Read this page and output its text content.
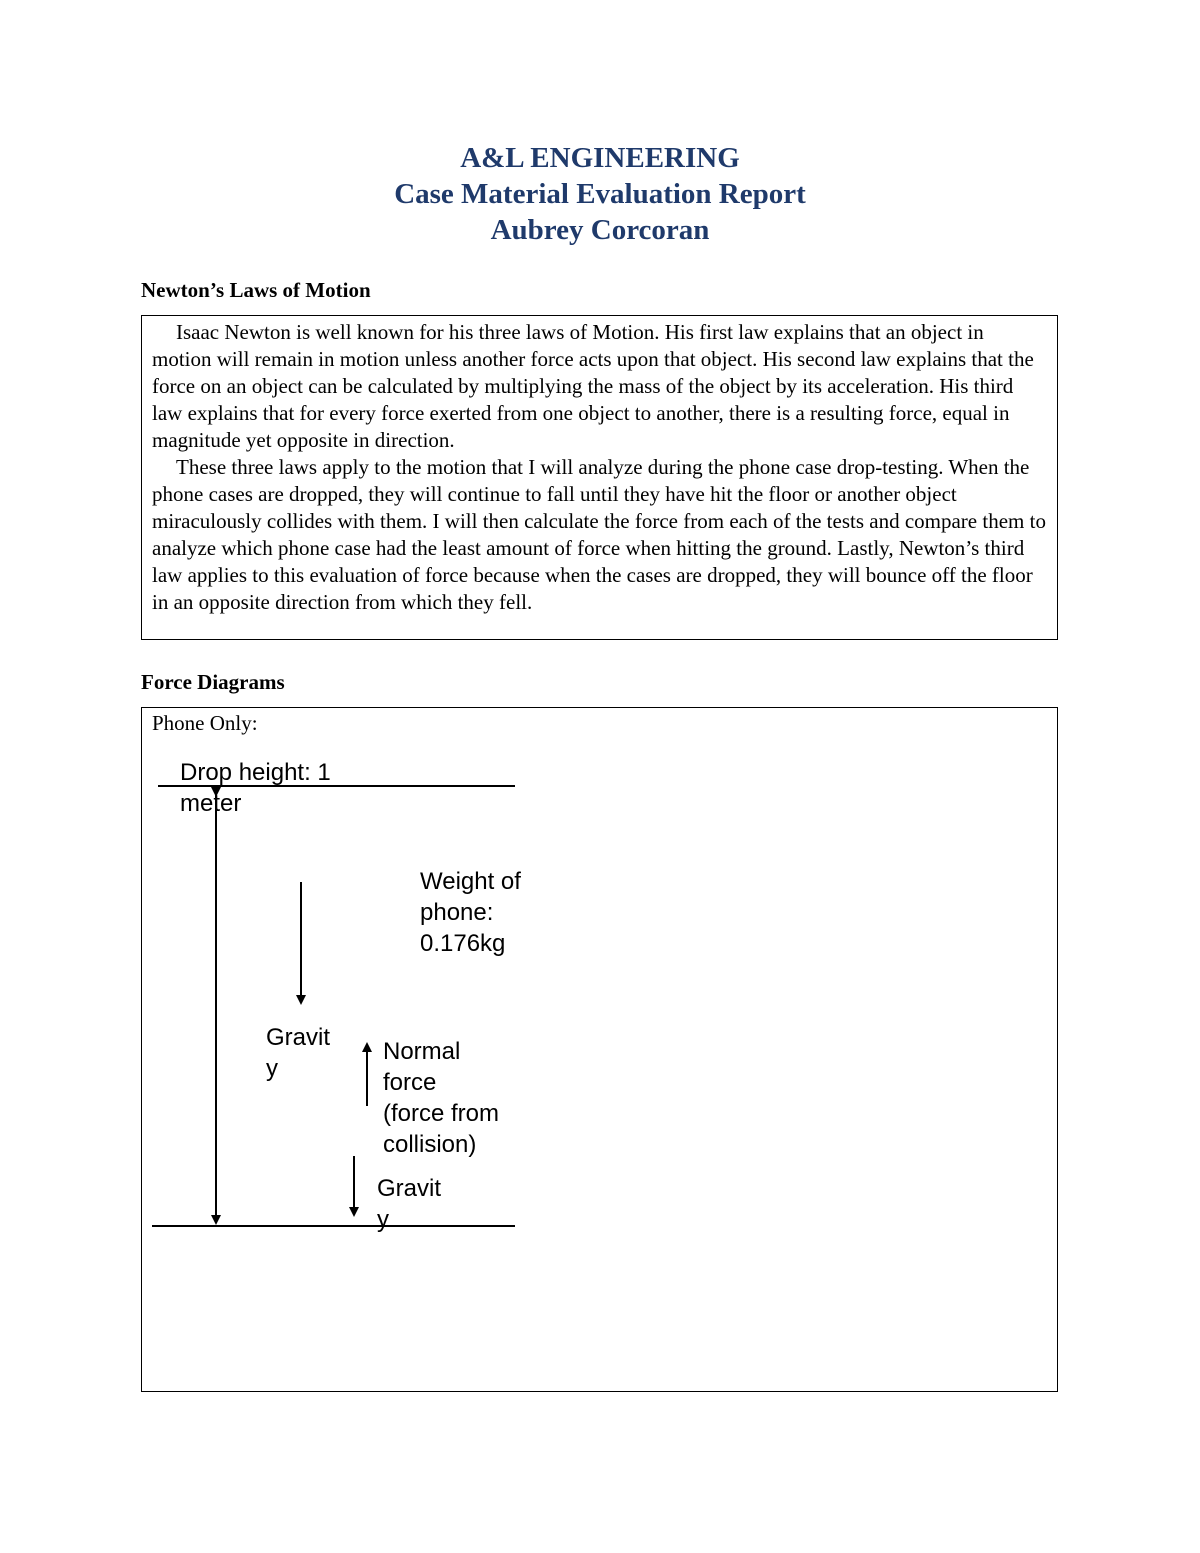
A&L ENGINEERING
Case Material Evaluation Report
Aubrey Corcoran
Newton’s Laws of Motion

Isaac Newton is well known for his three laws of Motion. His first law explains that an object in motion will remain in motion unless another force acts upon that object. His second law explains that the force on an object can be calculated by multiplying the mass of the object by its acceleration. His third law explains that for every force exerted from one object to another, there is a resulting force, equal in magnitude yet opposite in direction.

These three laws apply to the motion that I will analyze during the phone case drop-testing. When the phone cases are dropped, they will continue to fall until they have hit the floor or another object miraculously collides with them. I will then calculate the force from each of the tests and compare them to analyze which phone case had the least amount of force when hitting the ground. Lastly, Newton’s third law applies to this evaluation of force because when the cases are dropped, they will bounce off the floor in an opposite direction from which they fell.

Force Diagrams
Phone Only:
Drop height: 1
meter
Weight of
phone:
0.176kg
Gravit
y
Normal
force
(force from
collision)
Gravit
y
